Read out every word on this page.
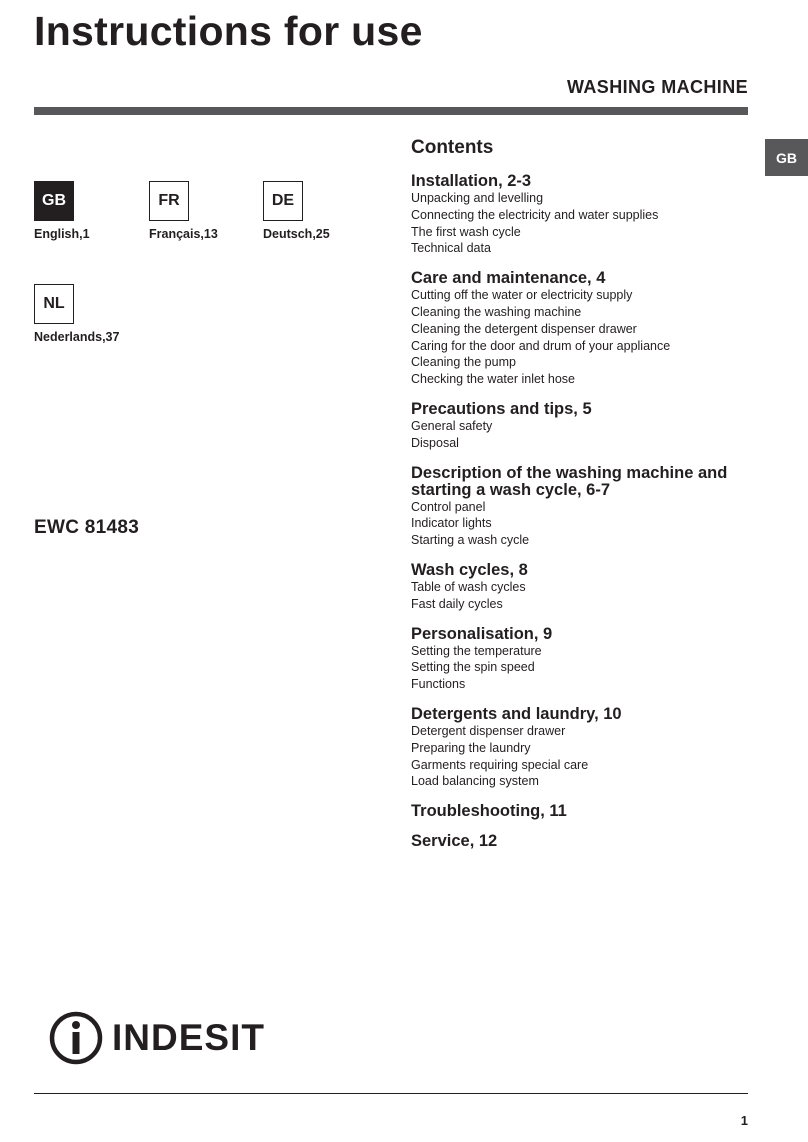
Instructions for use
WASHING MACHINE
GB
GB
English,1
FR
Français,13
DE
Deutsch,25
NL
Nederlands,37
EWC 81483
Contents
Installation, 2-3
Unpacking and levelling
Connecting the electricity and water supplies
The first wash cycle
Technical data
Care and maintenance, 4
Cutting off the water or electricity supply
Cleaning the washing machine
Cleaning the detergent dispenser drawer
Caring for the door and drum of your appliance
Cleaning the pump
Checking the water inlet hose
Precautions and tips, 5
General safety
Disposal
Description of the washing machine and starting a wash cycle, 6-7
Control panel
Indicator lights
Starting a wash cycle
Wash cycles, 8
Table of wash cycles
Fast daily cycles
Personalisation, 9
Setting the temperature
Setting the spin speed
Functions
Detergents and laundry, 10
Detergent dispenser drawer
Preparing the laundry
Garments requiring special care
Load balancing system
Troubleshooting, 11
Service, 12
INDESIT
1
